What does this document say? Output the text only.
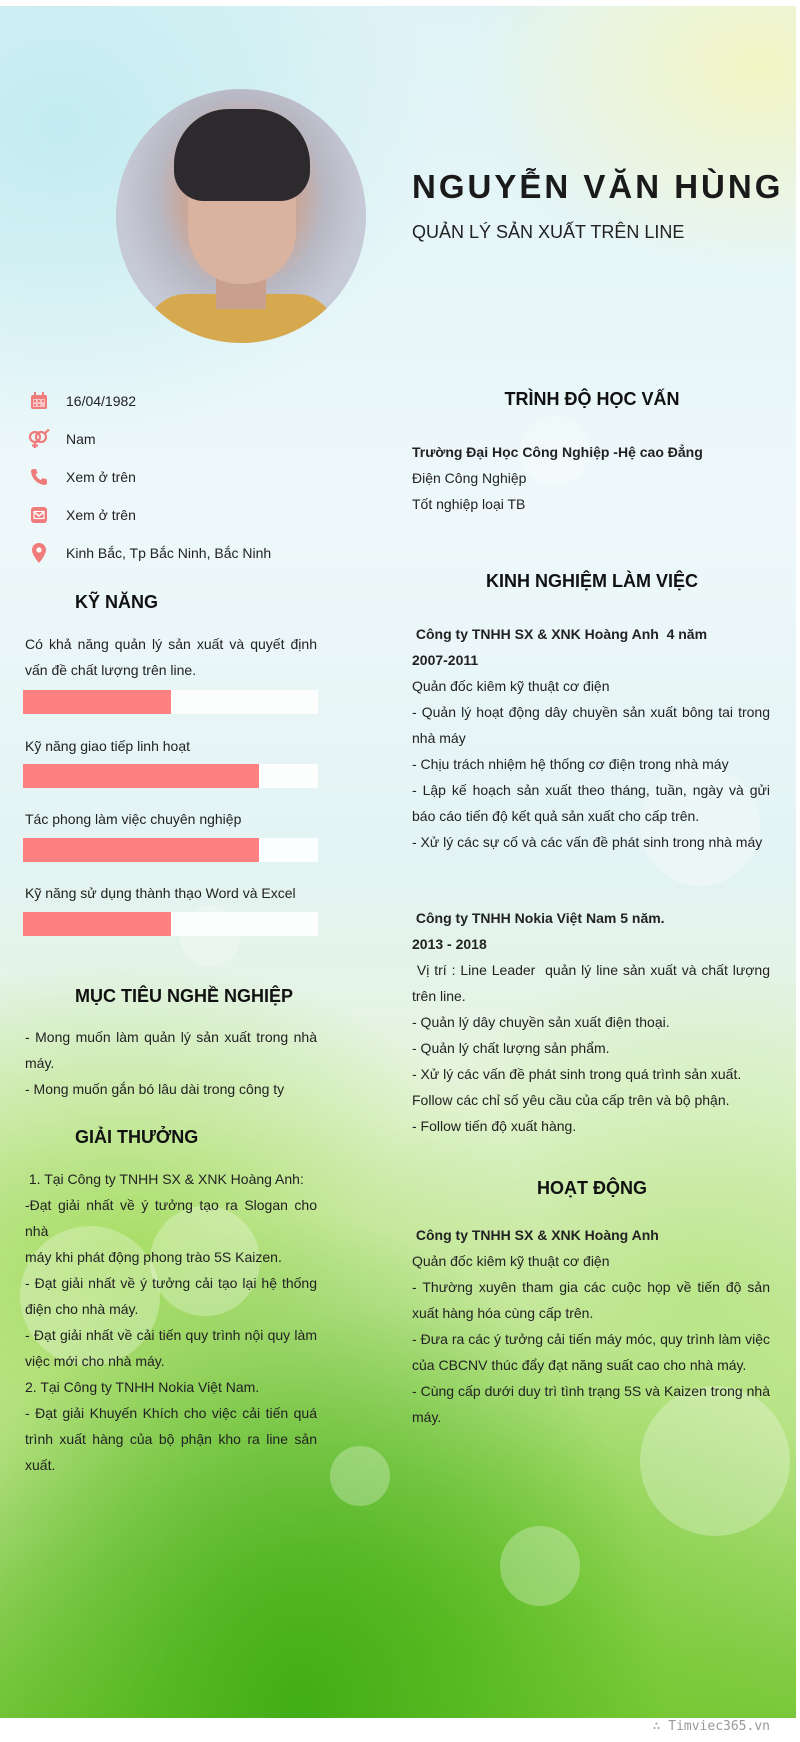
NGUYỄN VĂN HÙNG
QUẢN LÝ SẢN XUẤT TRÊN LINE
16/04/1982
Nam
Xem ở trên
Xem ở trên
Kinh Bắc, Tp Bắc Ninh, Bắc Ninh
KỸ NĂNG
Có khả năng quản lý sản xuất và quyết định
vấn đề chất lượng trên line.
Kỹ năng giao tiếp linh hoạt
Tác phong làm việc chuyên nghiệp
Kỹ năng sử dụng thành thạo Word và Excel
MỤC TIÊU NGHỀ NGHIỆP
- Mong muốn làm quản lý sản xuất trong nhà
máy.
- Mong muốn gắn bó lâu dài trong công ty
GIẢI THƯỞNG
1. Tại Công ty TNHH SX & XNK Hoàng Anh:
-Đạt giải nhất về ý tưởng tạo ra Slogan cho nhà
máy khi phát động phong trào 5S Kaizen.
- Đạt giải nhất về ý tưởng cải tạo lại hệ thống
điện cho nhà máy.
- Đạt giải nhất về cải tiến quy trình nội quy làm
việc mới cho nhà máy.
2. Tại Công ty TNHH Nokia Việt Nam.
- Đạt giải Khuyến Khích cho việc cải tiến quá
trình xuất hàng của bộ phận kho ra line sản
xuất.
TRÌNH ĐỘ HỌC VẤN
Trường Đại Học Công Nghiệp -Hệ cao Đẳng
Điện Công Nghiệp
Tốt nghiệp loại TB
KINH NGHIỆM LÀM VIỆC
Công ty TNHH SX & XNK Hoàng Anh  4 năm
2007-2011
Quản đốc kiêm kỹ thuật cơ điện
- Quản lý hoạt động dây chuyền sản xuất bông tai trong
nhà máy
- Chịu trách nhiệm hệ thống cơ điện trong nhà máy
- Lập kế hoạch sản xuất theo tháng, tuần, ngày và gửi
báo cáo tiến độ kết quả sản xuất cho cấp trên.
- Xử lý các sự cố và các vấn đề phát sinh trong nhà máy
Công ty TNHH Nokia Việt Nam 5 năm.
2013 - 2018
Vị trí : Line Leader  quản lý line sản xuất và chất lượng
trên line.
- Quản lý dây chuyền sản xuất điện thoại.
- Quản lý chất lượng sản phẩm.
- Xử lý các vấn đề phát sinh trong quá trình sản xuất.
Follow các chỉ số yêu cầu của cấp trên và bộ phận.
- Follow tiến độ xuất hàng.
HOẠT ĐỘNG
Công ty TNHH SX & XNK Hoàng Anh
Quản đốc kiêm kỹ thuật cơ điện
- Thường xuyên tham gia các cuộc họp về tiến độ sản
xuất hàng hóa cùng cấp trên.
- Đưa ra các ý tưởng cải tiến máy móc, quy trình làm việc
của CBCNV thúc đẩy đạt năng suất cao cho nhà máy.
- Cùng cấp dưới duy trì tình trạng 5S và Kaizen trong nhà
máy.
∴ Timviec365.vn
